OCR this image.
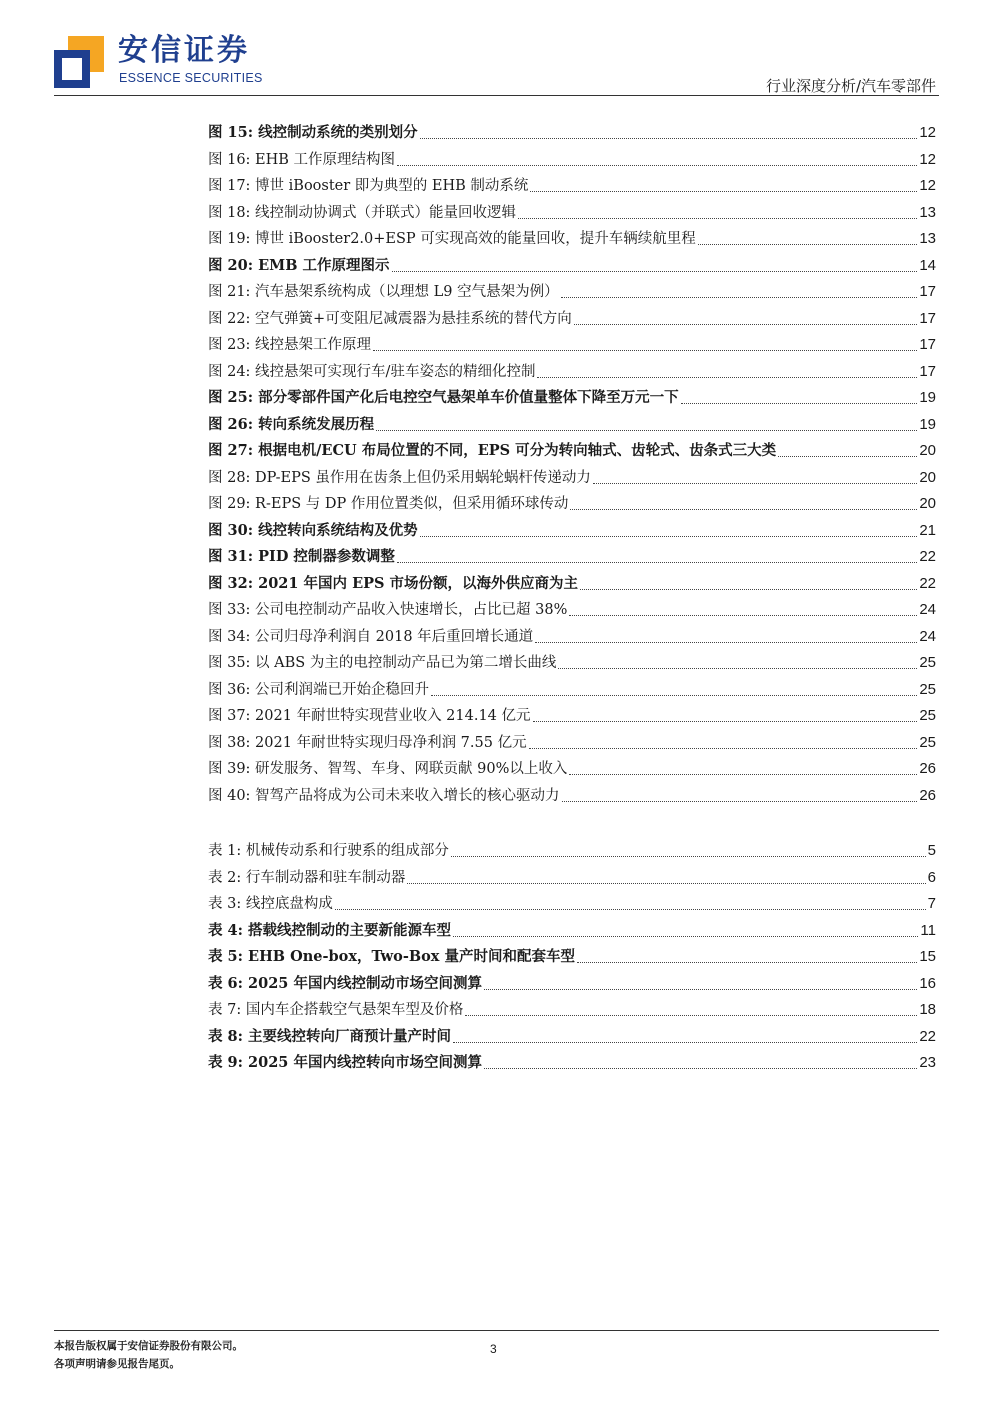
安信证券
ESSENCE SECURITIES	行业深度分析/汽车零部件
图 15: 线控制动系统的类别划分	12
图 16: EHB 工作原理结构图	12
图 17: 博世 iBooster 即为典型的 EHB 制动系统	12
图 18: 线控制动协调式（并联式）能量回收逻辑	13
图 19: 博世 iBooster2.0+ESP 可实现高效的能量回收，提升车辆续航里程	13
图 20: EMB 工作原理图示	14
图 21: 汽车悬架系统构成（以理想 L9 空气悬架为例）	17
图 22: 空气弹簧+可变阻尼减震器为悬挂系统的替代方向	17
图 23: 线控悬架工作原理	17
图 24: 线控悬架可实现行车/驻车姿态的精细化控制	17
图 25: 部分零部件国产化后电控空气悬架单车价值量整体下降至万元一下	19
图 26: 转向系统发展历程	19
图 27: 根据电机/ECU 布局位置的不同，EPS 可分为转向轴式、齿轮式、齿条式三大类	20
图 28: DP-EPS 虽作用在齿条上但仍采用蜗轮蜗杆传递动力	20
图 29: R-EPS 与 DP 作用位置类似，但采用循环球传动	20
图 30: 线控转向系统结构及优势	21
图 31: PID 控制器参数调整	22
图 32: 2021 年国内 EPS 市场份额，以海外供应商为主	22
图 33: 公司电控制动产品收入快速增长，占比已超 38%	24
图 34: 公司归母净利润自 2018 年后重回增长通道	24
图 35: 以 ABS 为主的电控制动产品已为第二增长曲线	25
图 36: 公司利润端已开始企稳回升	25
图 37: 2021 年耐世特实现营业收入 214.14 亿元	25
图 38: 2021 年耐世特实现归母净利润 7.55 亿元	25
图 39: 研发服务、智驾、车身、网联贡献 90%以上收入	26
图 40: 智驾产品将成为公司未来收入增长的核心驱动力	26
表 1: 机械传动系和行驶系的组成部分	5
表 2: 行车制动器和驻车制动器	6
表 3: 线控底盘构成	7
表 4: 搭载线控制动的主要新能源车型	11
表 5: EHB One-box，Two-Box 量产时间和配套车型	15
表 6: 2025 年国内线控制动市场空间测算	16
表 7: 国内车企搭载空气悬架车型及价格	18
表 8: 主要线控转向厂商预计量产时间	22
表 9: 2025 年国内线控转向市场空间测算	23
本报告版权属于安信证券股份有限公司。
各项声明请参见报告尾页。
3
